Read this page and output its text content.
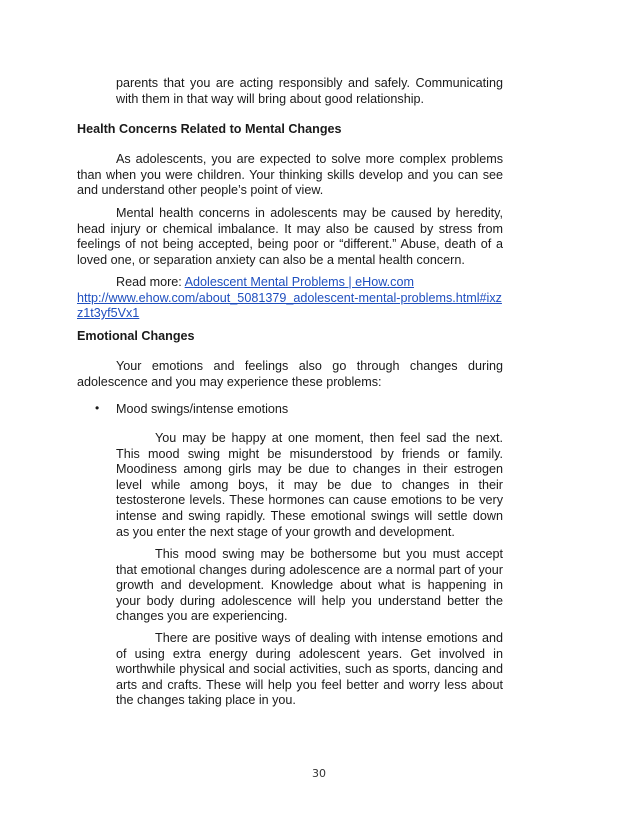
parents that you are acting responsibly and safely. Communicating with them in that way will bring about good relationship.

Health Concerns Related to Mental Changes

As adolescents, you are expected to solve more complex problems than when you were children. Your thinking skills develop and you can see and understand other people’s point of view.

Mental health concerns in adolescents may be caused by heredity, head injury or chemical imbalance. It may also be caused by stress from feelings of not being accepted, being poor or “different.” Abuse, death of a loved one, or separation anxiety can also be a mental health concern.

Read more: Adolescent Mental Problems | eHow.com
http://www.ehow.com/about_5081379_adolescent-mental-problems.html#ixzz1t3yf5Vx1

Emotional Changes

Your emotions and feelings also go through changes during adolescence and you may experience these problems:

• Mood swings/intense emotions

You may be happy at one moment, then feel sad the next. This mood swing might be misunderstood by friends or family. Moodiness among girls may be due to changes in their estrogen level while among boys, it may be due to changes in their testosterone levels. These hormones can cause emotions to be very intense and swing rapidly. These emotional swings will settle down as you enter the next stage of your growth and development.

This mood swing may be bothersome but you must accept that emotional changes during adolescence are a normal part of your growth and development. Knowledge about what is happening in your body during adolescence will help you understand better the changes you are experiencing.

There are positive ways of dealing with intense emotions and of using extra energy during adolescent years. Get involved in worthwhile physical and social activities, such as sports, dancing and arts and crafts. These will help you feel better and worry less about the changes taking place in you.

30
